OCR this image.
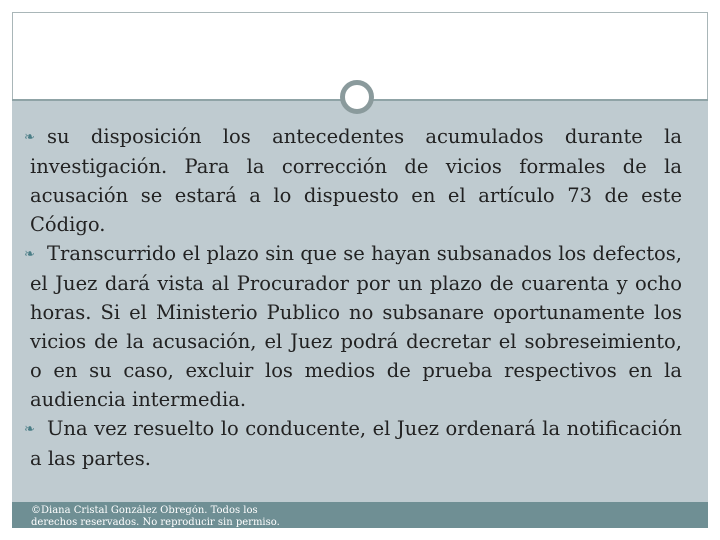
❧ su disposición los antecedentes acumulados durante la investigación. Para la corrección de vicios formales de la acusación se estará a lo dispuesto en el artículo 73 de este Código.

❧ Transcurrido el plazo sin que se hayan subsanados los defectos, el Juez dará vista al Procurador por un plazo de cuarenta y ocho horas. Si el Ministerio Publico no subsanare oportunamente los vicios de la acusación, el Juez podrá decretar el sobreseimiento, o en su caso, excluir los medios de prueba respectivos en la audiencia intermedia.

❧ Una vez resuelto lo conducente, el Juez ordenará la notificación a las partes.

©Diana Cristal González Obregón. Todos los derechos reservados. No reproducir sin permiso.
